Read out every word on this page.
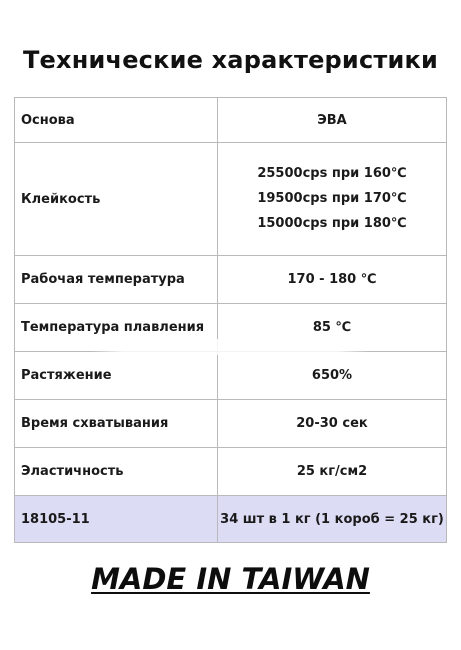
Технические характеристики
Основа	ЭВА
Клейкость	25500cps при 160℃
19500cps при 170℃
15000cps при 180℃

Рабочая температура	170 - 180 ℃
Температура плавления	85 ℃
Растяжение	650%
Время схватывания	20-30 сек
Эластичность	25 кг/см2
18105-11	34 шт в 1 кг (1 короб = 25 кг)
MADE IN TAIWAN
